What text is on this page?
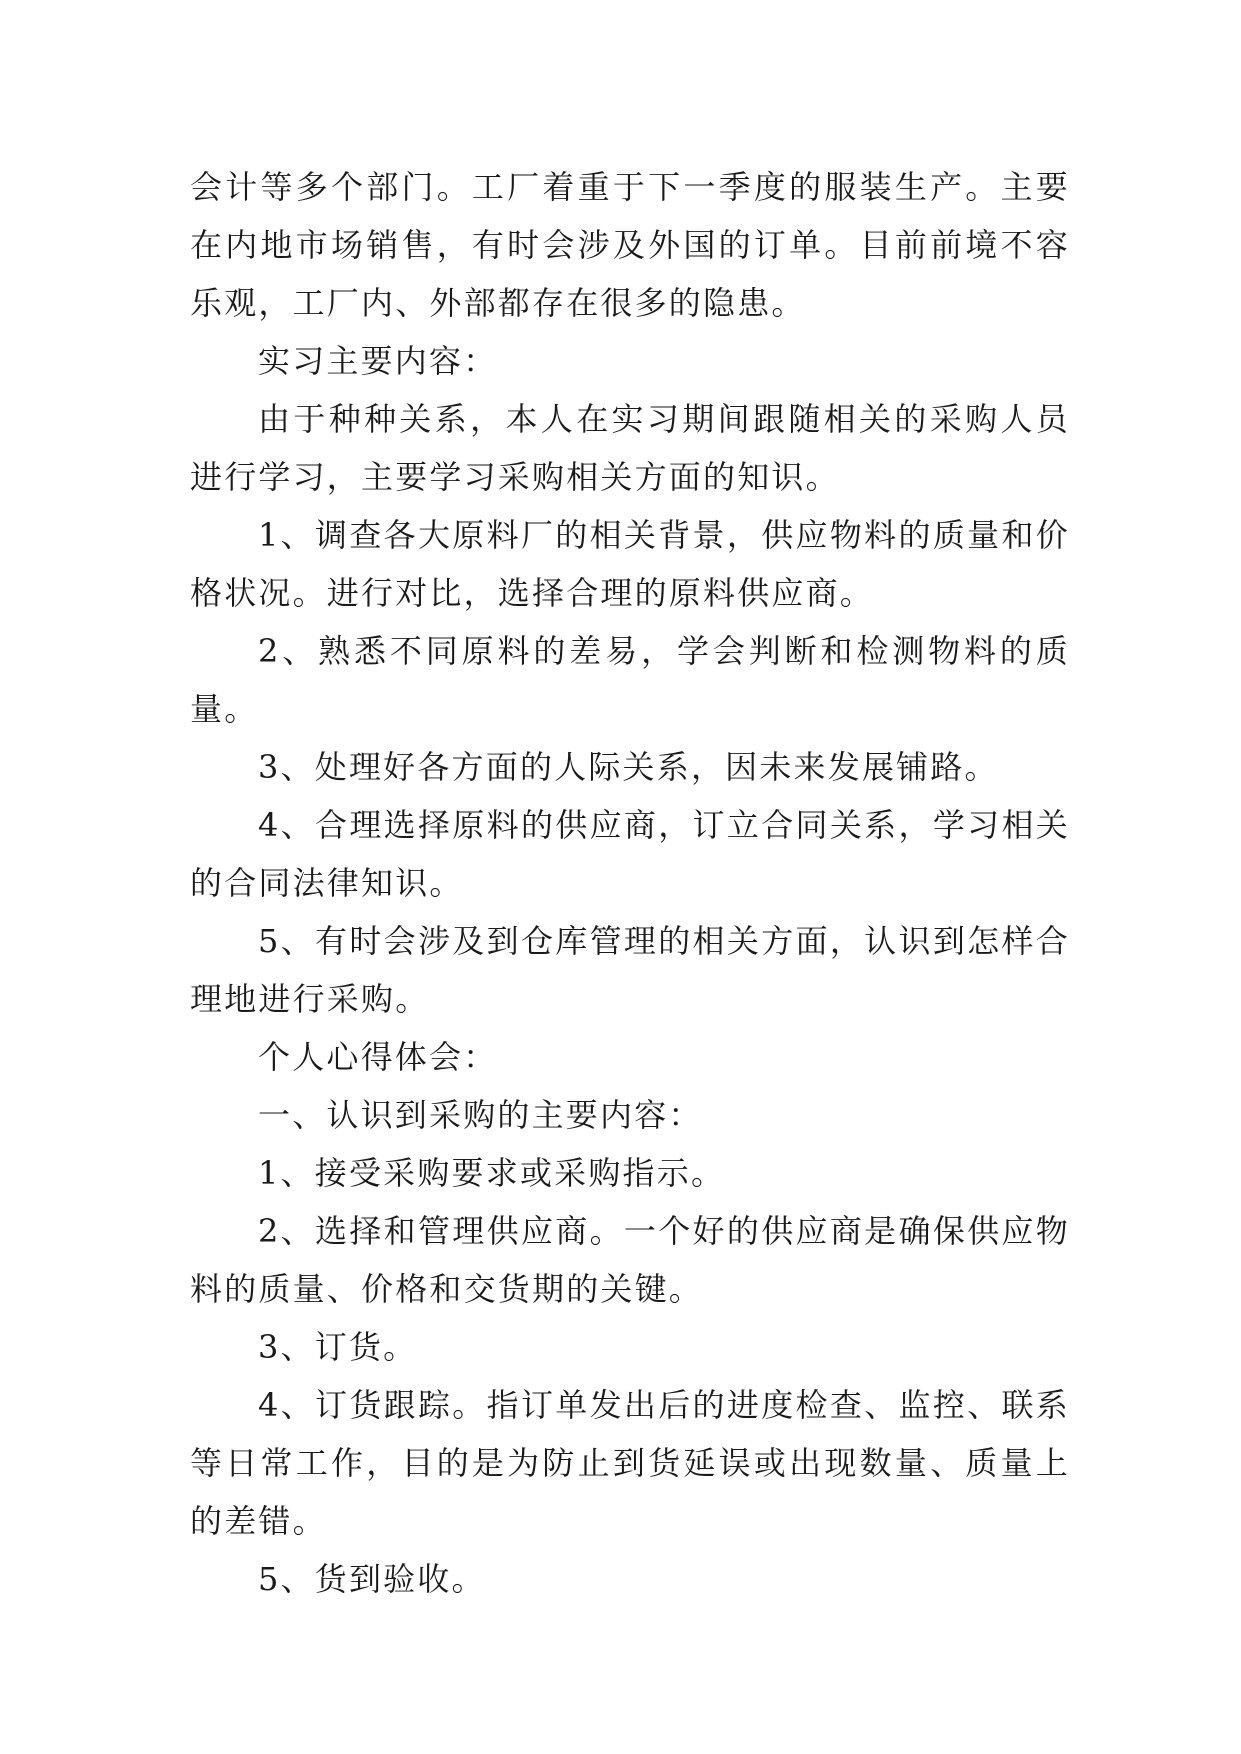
会计等多个部门。工厂着重于下一季度的服装生产。主要在内地市场销售，有时会涉及外国的订单。目前前境不容乐观，工厂内、外部都存在很多的隐患。

实习主要内容：

由于种种关系，本人在实习期间跟随相关的采购人员进行学习，主要学习采购相关方面的知识。

1、调查各大原料厂的相关背景，供应物料的质量和价格状况。进行对比，选择合理的原料供应商。

2、熟悉不同原料的差易，学会判断和检测物料的质量。

3、处理好各方面的人际关系，因未来发展铺路。

4、合理选择原料的供应商，订立合同关系，学习相关的合同法律知识。

5、有时会涉及到仓库管理的相关方面，认识到怎样合理地进行采购。

个人心得体会：

一、认识到采购的主要内容：

1、接受采购要求或采购指示。

2、选择和管理供应商。一个好的供应商是确保供应物料的质量、价格和交货期的关键。

3、订货。

4、订货跟踪。指订单发出后的进度检查、监控、联系等日常工作，目的是为防止到货延误或出现数量、质量上的差错。

5、货到验收。
